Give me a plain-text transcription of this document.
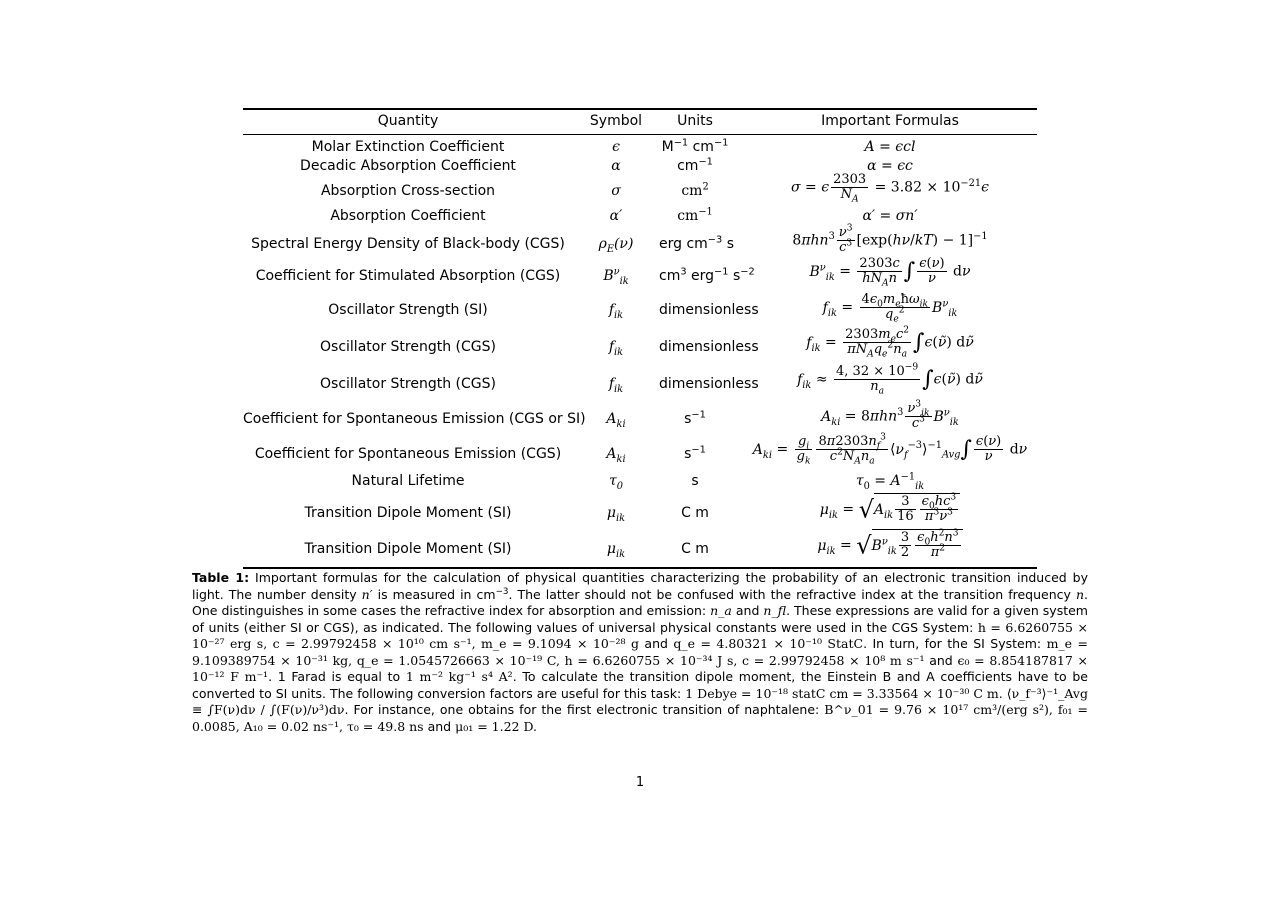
Quantity	Symbol	Units	Important Formulas
Molar Extinction Coefficient	ϵ	$M^{-1}$ $cm^{-1}$	A = ϵcl
Decadic Absorption Coefficient	α	$cm^{-1}$	α = ϵc
Absorption Cross-section	σ	$cm^2$	σ = ϵ $\frac{2303}{N_A} = 3.82 \times 10^{-21}\epsilon$
Absorption Coefficient	α′	$cm^{-1}$	α′ = σn′
Spectral Energy Density of Black-body (CGS)	$\rho_E(\nu)$	erg $cm^{-3}$ s	$8\pi hn^3 \frac{\nu^3}{c^3} [\exp(h\nu/kT) - 1]^{-1}$
Coefficient for Stimulated Absorption (CGS)	$B^\nu_{ik}$	$cm^3$ erg$^{-1}$ $s^{-2}$	$B^\nu_{ik} = \frac{2303c}{hN_An}$ ∫ $\frac{\epsilon(\nu)}{\nu}$ dν
Oscillator Strength (SI)	$f_{ik}$	dimensionless	$f_{ik} = \frac{4\epsilon_0m_eħ\omega_{ik}}{q_e^2} B^\nu_{ik}$
Oscillator Strength (CGS)	$f_{ik}$	dimensionless	$f_{ik} = \frac{2303m_ec^2}{\pi N_Aq_e^2n_a}$ ∫ϵ(ν̃) dν̃
Oscillator Strength (CGS)	$f_{ik}$	dimensionless	$f_{ik} \approx \frac{4, 32 \times 10^{-9}}{n_a}$ ∫ϵ(ν̃) dν̃
Coefficient for Spontaneous Emission (CGS or SI)	$A_{ki}$	$s^{-1}$	$A_{ki} = 8\pi hn^3 \frac{\nu^3_{ik}}{c^3} B^\nu_{ik}$
Coefficient for Spontaneous Emission (CGS)	$A_{ki}$	$s^{-1}$	$A_{ki} = \frac{g_i}{g_k} \frac{8\pi 2303n_f^3}{c^2N_An_a}$ $⟨\nu_f^{-3}⟩^{-1}_{Avg}\int \frac{\epsilon(\nu)}{\nu}$ dν
Natural Lifetime	$\tau_0$	s	$\tau_0 = A^{-1}_{ik}$
Transition Dipole Moment (SI)	$\mu_{ik}$	C m	$\mu_{ik} = √A_{ik} \frac{3}{16} \frac{\epsilon_0hc^3}{\pi^3\nu^3}$
Transition Dipole Moment (SI)	$\mu_{ik}$	C m	$\mu_{ik} = √B^\nu_{ik} \frac{3}{2} \frac{\epsilon_0h^2n^3}{\pi^2}$
Table 1: Important formulas for the calculation of physical quantities characterizing the probability of an electronic transition induced by light. The number density n′ is measured in $cm^{-3}$. The latter should not be confused with the refractive index at the transition frequency n. One distinguishes in some cases the refractive index for absorption and emission: n_a and n_fl. These expressions are valid for a given system of units (either SI or CGS), as indicated. The following values of universal physical constants were used in the CGS System: h = 6.6260755 × 10⁻²⁷ erg s, c = 2.99792458 × 10¹⁰ cm s⁻¹, m_e = 9.1094 × 10⁻²⁸ g and q_e = 4.80321 × 10⁻¹⁰ StatC. In turn, for the SI System: m_e = 9.109389754 × 10⁻³¹ kg, q_e = 1.0545726663 × 10⁻¹⁹ C, h = 6.6260755 × 10⁻³⁴ J s, c = 2.99792458 × 10⁸ m s⁻¹ and ϵ₀ = 8.854187817 × 10⁻¹² F m⁻¹. 1 Farad is equal to 1 m⁻² kg⁻¹ s⁴ A². To calculate the transition dipole moment, the Einstein B and A coefficients have to be converted to SI units. The following conversion factors are useful for this task: 1 Debye = 10⁻¹⁸ statC cm = 3.33564 × 10⁻³⁰ C m. ⟨ν_f⁻³⟩⁻¹_Avg ≡ ∫F(ν)dν / ∫(F(ν)/ν³)dν. For instance, one obtains for the first electronic transition of naphtalene: B^ν_01 = 9.76 × 10¹⁷ cm³/(erg s²), f₀₁ = 0.0085, A₁₀ = 0.02 ns⁻¹, τ₀ = 49.8 ns and μ₀₁ = 1.22 D.
1
